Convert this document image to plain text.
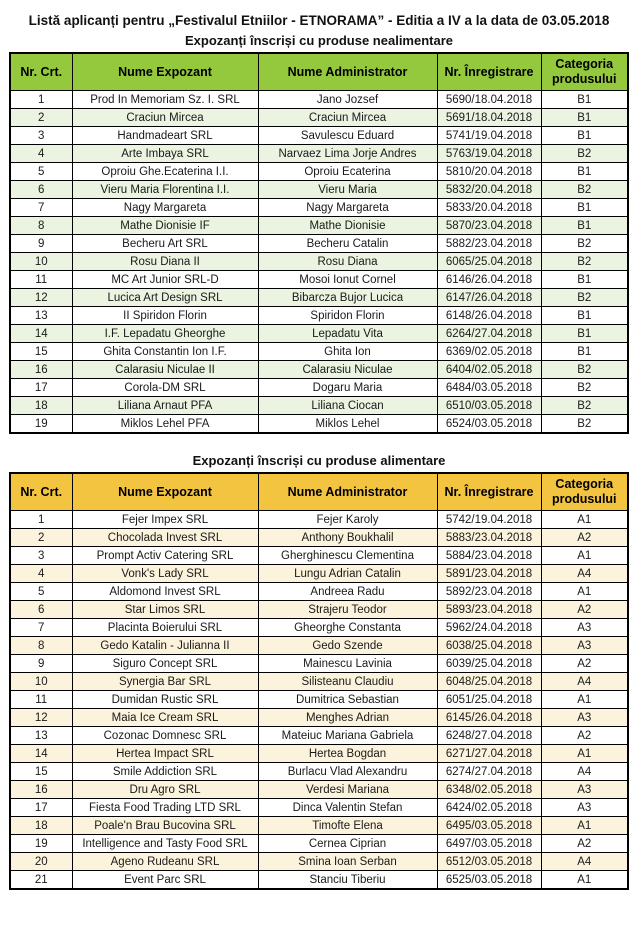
Listă aplicanți pentru „Festivalul Etniilor - ETNORAMA” - Editia a IV a la data de 03.05.2018
Expozanți înscriși cu produse nealimentare
Nr. Crt.	Nume Expozant	Nume Administrator	Nr. Înregistrare	Categoria produsului
1	Prod In Memoriam Sz. I. SRL	Jano Jozsef	5690/18.04.2018	B1
2	Craciun Mircea	Craciun Mircea	5691/18.04.2018	B1
3	Handmadeart SRL	Savulescu Eduard	5741/19.04.2018	B1
4	Arte Imbaya SRL	Narvaez Lima Jorje Andres	5763/19.04.2018	B2
5	Oproiu Ghe.Ecaterina I.I.	Oproiu Ecaterina	5810/20.04.2018	B1
6	Vieru Maria Florentina I.I.	Vieru Maria	5832/20.04.2018	B2
7	Nagy Margareta	Nagy Margareta	5833/20.04.2018	B1
8	Mathe Dionisie IF	Mathe Dionisie	5870/23.04.2018	B1
9	Becheru Art SRL	Becheru Catalin	5882/23.04.2018	B2
10	Rosu Diana II	Rosu Diana	6065/25.04.2018	B2
11	MC Art Junior SRL-D	Mosoi Ionut Cornel	6146/26.04.2018	B1
12	Lucica Art Design SRL	Bibarcza Bujor Lucica	6147/26.04.2018	B2
13	II Spiridon Florin	Spiridon Florin	6148/26.04.2018	B1
14	I.F. Lepadatu Gheorghe	Lepadatu Vita	6264/27.04.2018	B1
15	Ghita Constantin Ion I.F.	Ghita Ion	6369/02.05.2018	B1
16	Calarasiu Niculae II	Calarasiu Niculae	6404/02.05.2018	B2
17	Corola-DM SRL	Dogaru Maria	6484/03.05.2018	B2
18	Liliana Arnaut PFA	Liliana Ciocan	6510/03.05.2018	B2
19	Miklos Lehel PFA	Miklos Lehel	6524/03.05.2018	B2
Expozanți înscriși cu produse alimentare
Nr. Crt.	Nume Expozant	Nume Administrator	Nr. Înregistrare	Categoria produsului
1	Fejer Impex SRL	Fejer Karoly	5742/19.04.2018	A1
2	Chocolada Invest SRL	Anthony Boukhalil	5883/23.04.2018	A2
3	Prompt Activ Catering SRL	Gherghinescu Clementina	5884/23.04.2018	A1
4	Vonk's Lady SRL	Lungu Adrian Catalin	5891/23.04.2018	A4
5	Aldomond Invest SRL	Andreea Radu	5892/23.04.2018	A1
6	Star Limos SRL	Strajeru Teodor	5893/23.04.2018	A2
7	Placinta Boierului SRL	Gheorghe Constanta	5962/24.04.2018	A3
8	Gedo Katalin - Julianna II	Gedo Szende	6038/25.04.2018	A3
9	Siguro Concept SRL	Mainescu Lavinia	6039/25.04.2018	A2
10	Synergia Bar SRL	Silisteanu Claudiu	6048/25.04.2018	A4
11	Dumidan Rustic SRL	Dumitrica Sebastian	6051/25.04.2018	A1
12	Maia Ice Cream SRL	Menghes Adrian	6145/26.04.2018	A3
13	Cozonac Domnesc SRL	Mateiuc Mariana Gabriela	6248/27.04.2018	A2
14	Hertea Impact SRL	Hertea Bogdan	6271/27.04.2018	A1
15	Smile Addiction SRL	Burlacu Vlad Alexandru	6274/27.04.2018	A4
16	Dru Agro SRL	Verdesi Mariana	6348/02.05.2018	A3
17	Fiesta Food Trading LTD SRL	Dinca Valentin Stefan	6424/02.05.2018	A3
18	Poale'n Brau Bucovina SRL	Timofte Elena	6495/03.05.2018	A1
19	Intelligence and Tasty Food SRL	Cernea Ciprian	6497/03.05.2018	A2
20	Ageno Rudeanu SRL	Smina Ioan Serban	6512/03.05.2018	A4
21	Event Parc SRL	Stanciu Tiberiu	6525/03.05.2018	A1
